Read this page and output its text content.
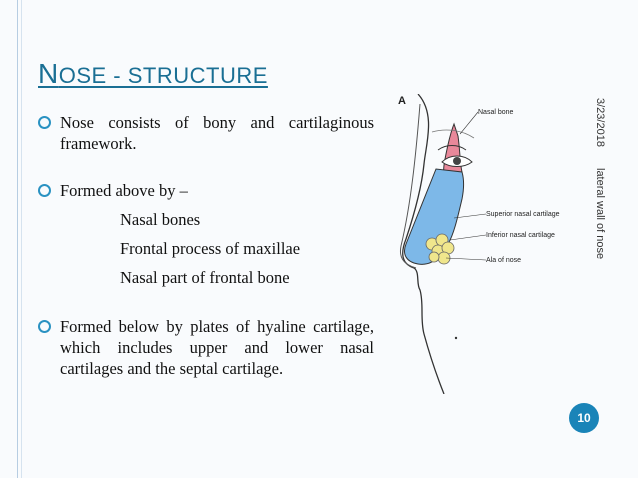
NOSE - STRUCTURE

Nose consists of bony and cartilaginous framework.

Formed above by –

Nasal bones

Frontal process of maxillae

Nasal part of frontal bone

Formed below by plates of hyaline cartilage, which includes upper and lower nasal cartilages and the septal cartilage.

A
Nasal bone
Superior nasal cartilage
Inferior nasal cartilage
Ala of nose
3/23/2018
lateral wall of nose
10
